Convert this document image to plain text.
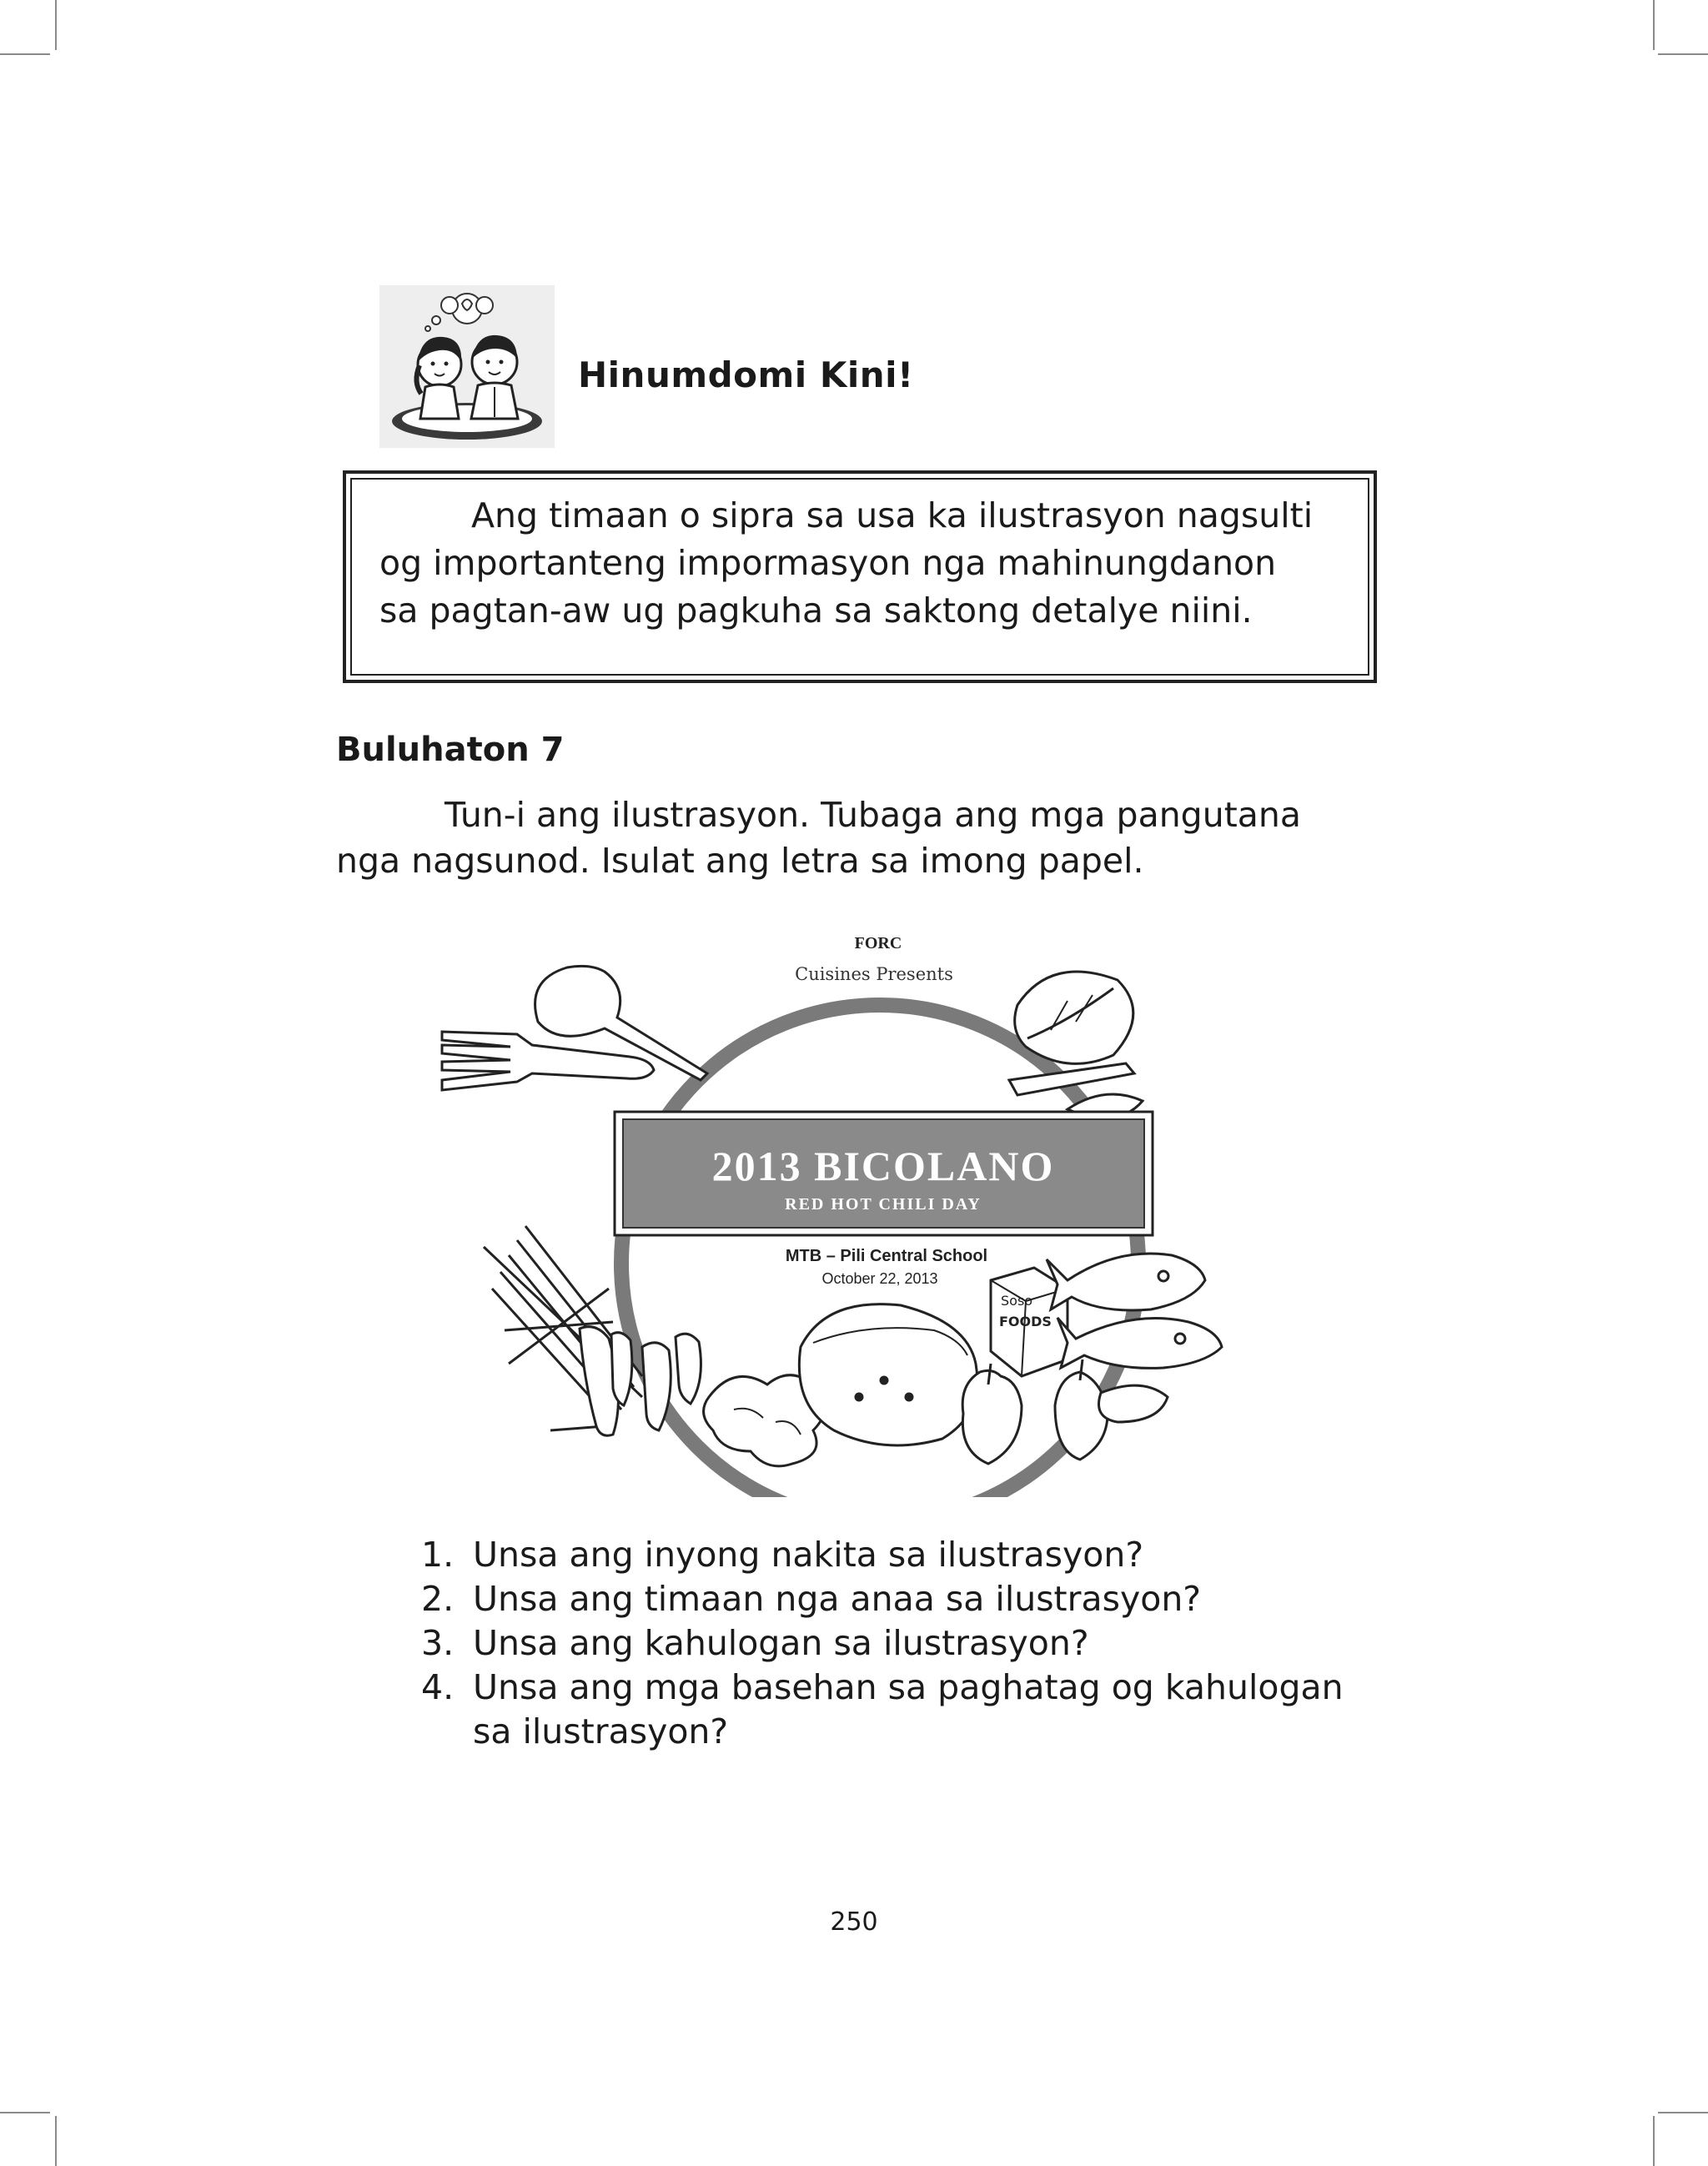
Hinumdomi Kini!

Ang timaan o sipra sa usa ka ilustrasyon nagsulti
og importanteng impormasyon nga mahinungdanon
sa pagtan-aw ug pagkuha sa saktong detalye niini.

Buluhaton 7

Tun-i ang ilustrasyon. Tubaga ang mga pangutana
nga nagsunod. Isulat ang letra sa imong papel.

FORC
Cuisines Presents
2013 BICOLANO
RED HOT CHILI DAY
MTB – Pili Central School
October 22, 2013
Soso
FOODS
1. Unsa ang inyong nakita sa ilustrasyon?
2. Unsa ang timaan nga anaa sa ilustrasyon?
3. Unsa ang kahulogan sa ilustrasyon?
4. Unsa ang mga basehan sa paghatag og kahulogan sa ilustrasyon?
250
